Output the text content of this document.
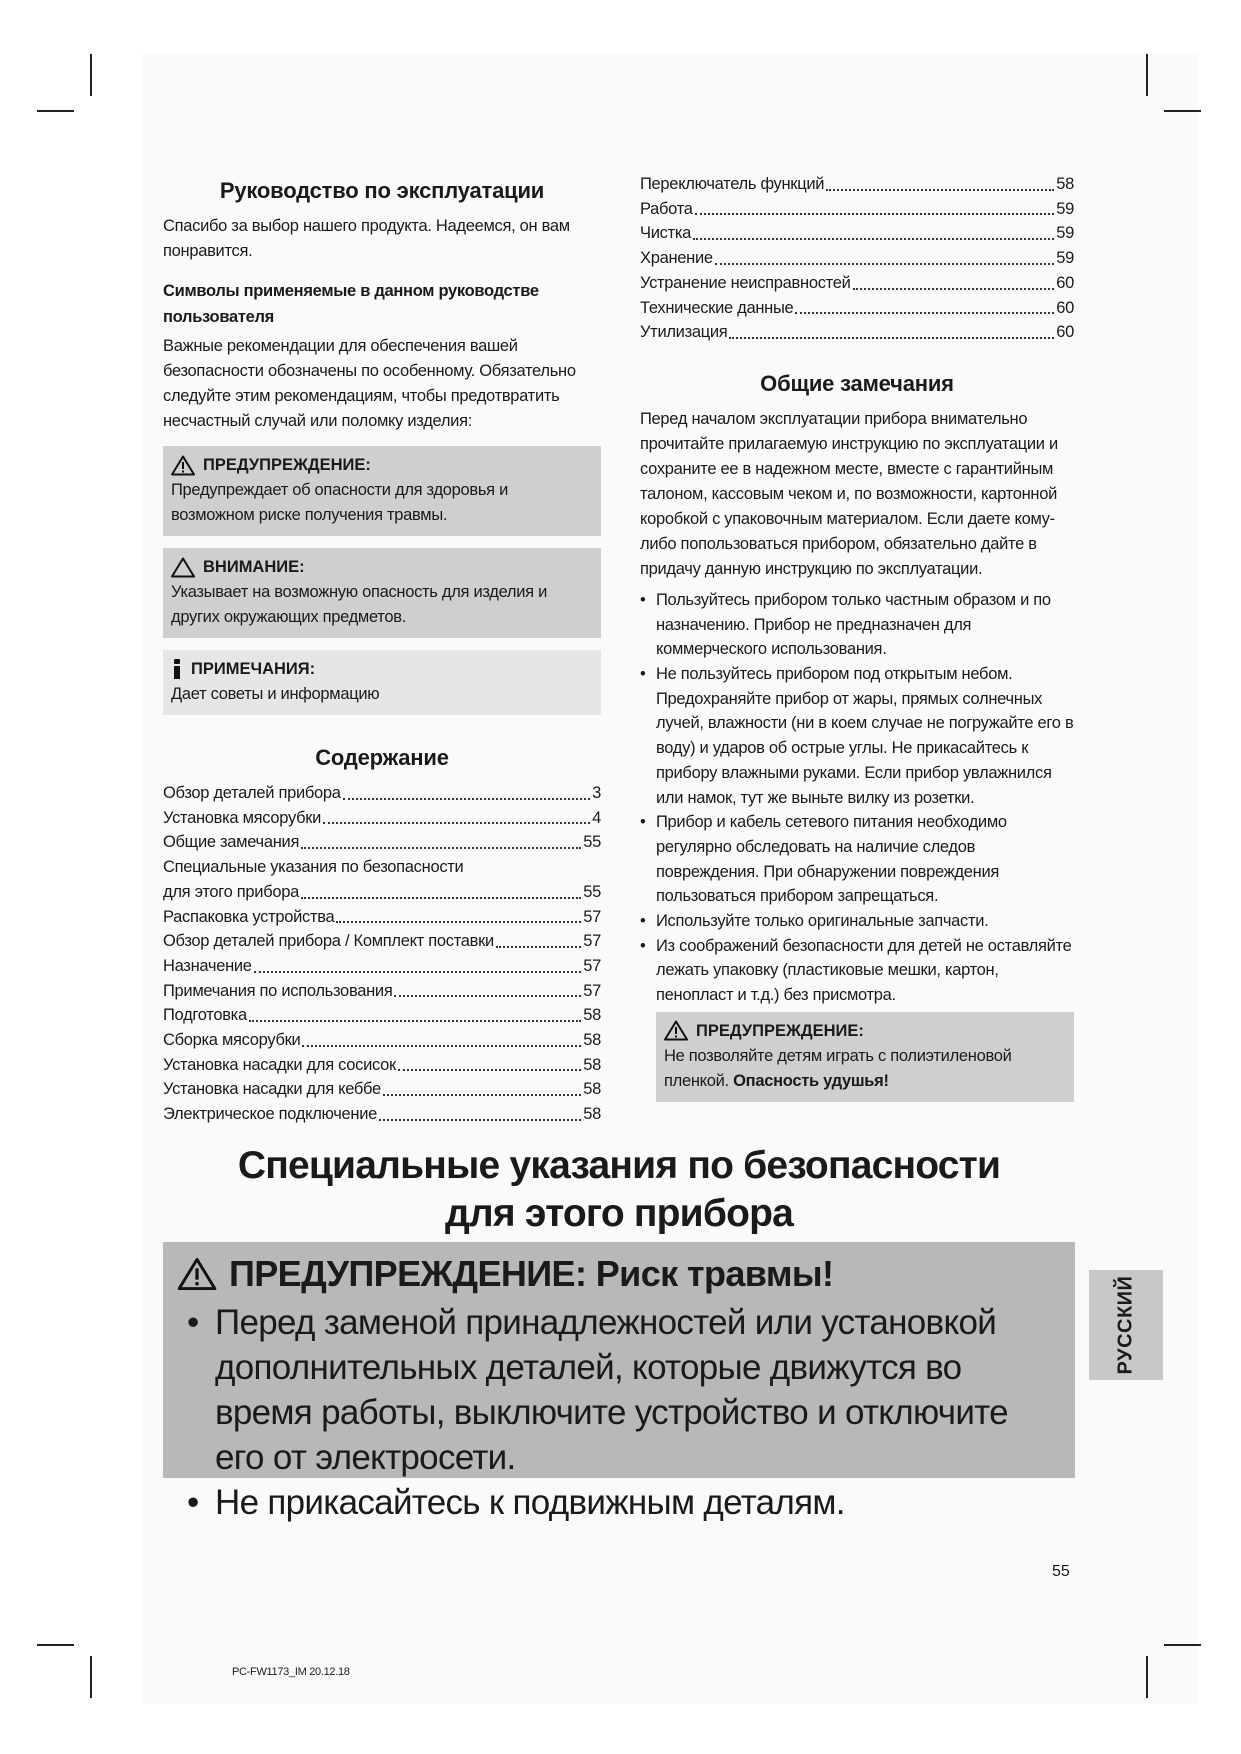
Руководство по эксплуатации

Спасибо за выбор нашего продукта. Надеемся, он вам понравится.

Символы применяемые в данном руководстве пользователя

Важные рекомендации для обеспечения вашей безопасности обозначены по особенному. Обязательно следуйте этим рекомендациям, чтобы предотвратить несчастный случай или поломку изделия:

ПРЕДУПРЕЖДЕНИЕ:
Предупреждает об опасности для здоровья и возможном риске получения травмы.
ВНИМАНИЕ:
Указывает на возможную опасность для изделия и других окружающих предметов.
ПРИМЕЧАНИЯ:
Дает советы и информацию
Содержание
Обзор деталей прибора	3
Установка мясорубки	4
Общие замечания	55
Специальные указания по безопасности
для этого прибора	55
Распаковка устройства	57
Обзор деталей прибора / Комплект поставки	57
Назначение	57
Примечания по использования	57
Подготовка	58
Сборка мясорубки	58
Установка насадки для сосисок	58
Установка насадки для кеббе	58
Электрическое подключение	58
Переключатель функций	58
Работа	59
Чистка	59
Хранение	59
Устранение неисправностей	60
Технические данные	60
Утилизация	60
Общие замечания

Перед началом эксплуатации прибора внимательно прочитайте прилагаемую инструкцию по эксплуатации и сохраните ее в надежном месте, вместе с гарантийным талоном, кассовым чеком и, по возможности, картонной коробкой с упаковочным материалом. Если даете кому-либо попользоваться прибором, обязательно дайте в придачу данную инструкцию по эксплуатации.

• Пользуйтесь прибором только частным образом и по назначению. Прибор не предназначен для коммерческого использования.
• Не пользуйтесь прибором под открытым небом. Предохраняйте прибор от жары, прямых солнечных лучей, влажности (ни в коем случае не погружайте его в воду) и ударов об острые углы. Не прикасайтесь к прибору влажными руками. Если прибор увлажнился или намок, тут же выньте вилку из розетки.
• Прибор и кабель сетевого питания необходимо регулярно обследовать на наличие следов повреждения. При обнаружении повреждения пользоваться прибором запрещаться.
• Используйте только оригинальные запчасти.
• Из соображений безопасности для детей не оставляйте лежать упаковку (пластиковые мешки, картон, пенопласт и т.д.) без присмотра.
ПРЕДУПРЕЖДЕНИЕ:
Не позволяйте детям играть с полиэтиленовой пленкой. Опасность удушья!
Специальные указания по безопасности
для этого прибора
ПРЕДУПРЕЖДЕНИЕ: Риск травмы!
• Перед заменой принадлежностей или установкой дополнительных деталей, которые движутся во время работы, выключите устройство и отключите его от электросети.
• Не прикасайтесь к подвижным деталям.
РУССКИЙ
55
PC-FW1173_IM 20.12.18
